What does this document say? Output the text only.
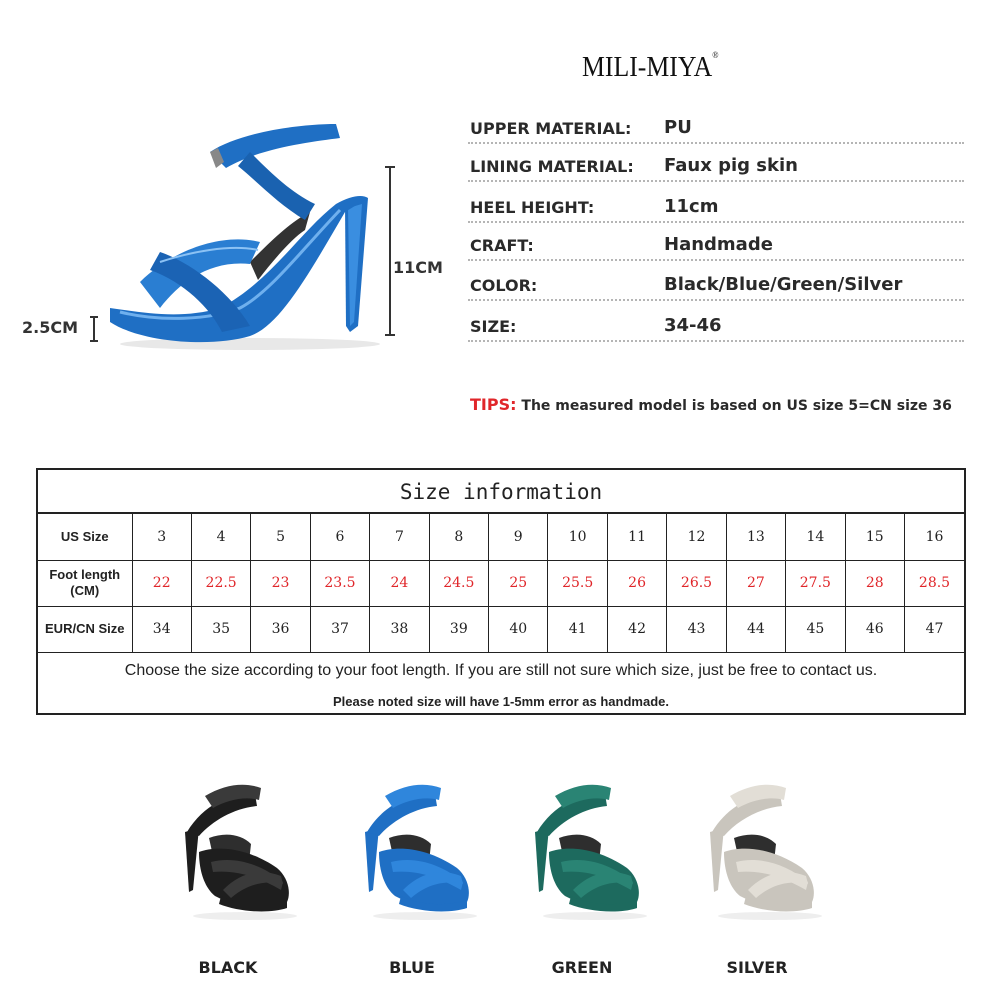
MILI-MIYA®
11CM
2.5CM
UPPER MATERIAL: PU
LINING MATERIAL: Faux pig skin
HEEL HEIGHT:	11cm
CRAFT:	Handmade
COLOR:	Black/Blue/Green/Silver
SIZE:	34-46
TIPS: The measured model is based on US size 5=CN size 36
Size information
US Size	3	4	5	6	7	8	9	10	11	12	13	14	15	16
Foot length (CM)	22	22.5	23	23.5	24	24.5	25	25.5	26	26.5	27	27.5	28	28.5
EUR/CN Size	34	35	36	37	38	39	40	41	42	43	44	45	46	47
Choose the size according to your foot length. If you are still not sure which size, just be free to contact us.
Please noted size will have 1-5mm error as handmade.
BLACK	BLUE	GREEN	SILVER
